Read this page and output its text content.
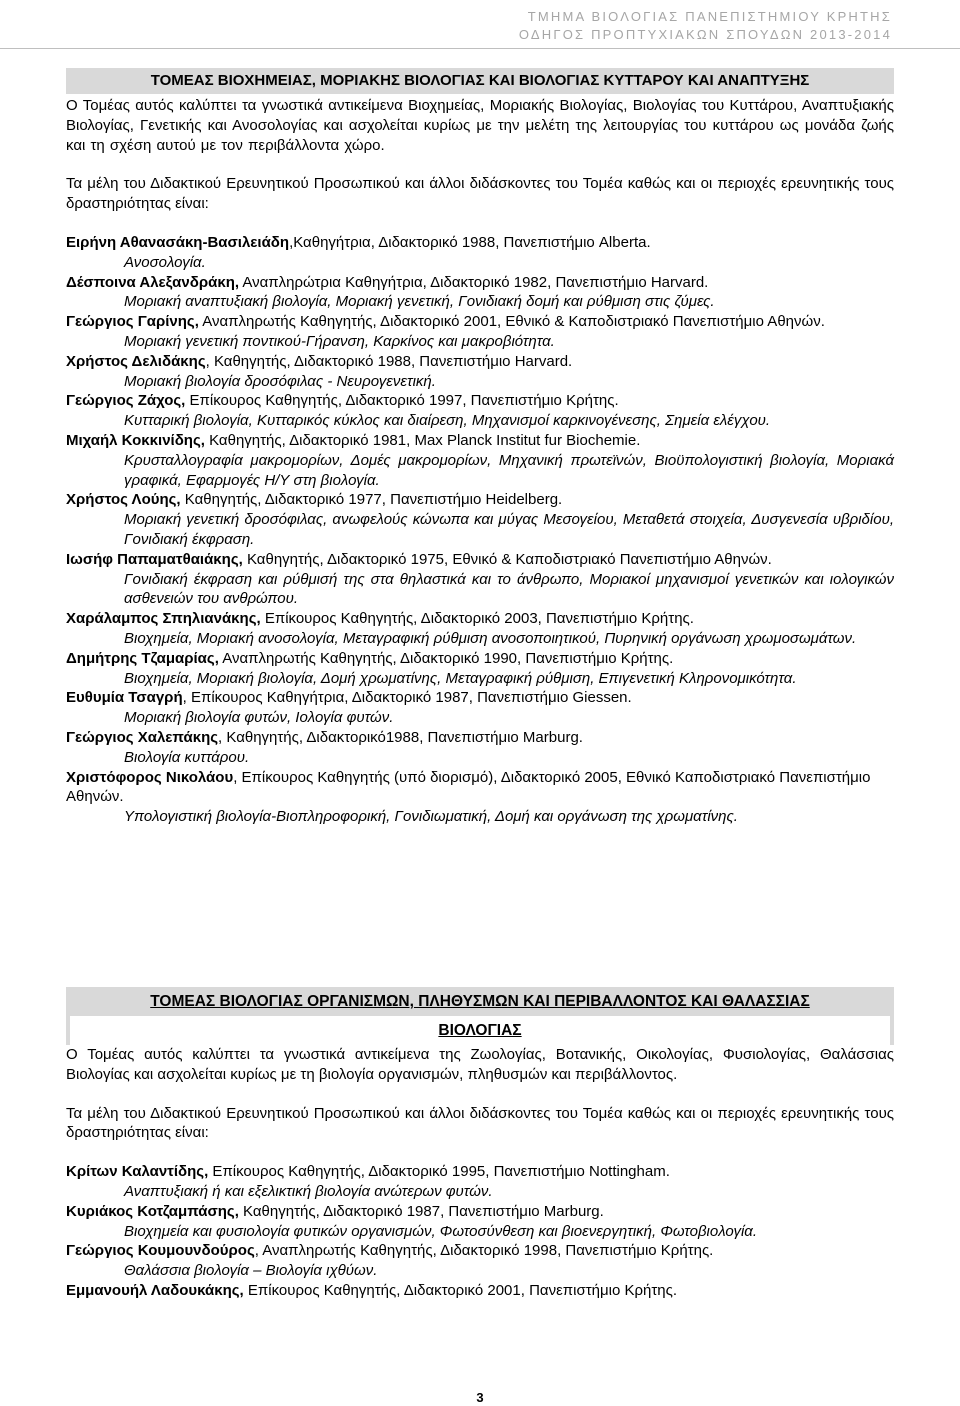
ΤΜΗΜΑ ΒΙΟΛΟΓΙΑΣ ΠΑΝΕΠΙΣΤΗΜΙΟΥ ΚΡΗΤΗΣ
ΟΔΗΓΟΣ ΠΡΟΠΤΥΧΙΑΚΩΝ ΣΠΟΥΔΩΝ 2013-2014
ΤΟΜΕΑΣ ΒΙΟΧΗΜΕΙΑΣ, ΜΟΡΙΑΚΗΣ ΒΙΟΛΟΓΙΑΣ ΚΑΙ ΒΙΟΛΟΓΙΑΣ ΚΥΤΤΑΡΟΥ ΚΑΙ ΑΝΑΠΤΥΞΗΣ

Ο Τομέας αυτός καλύπτει τα γνωστικά αντικείμενα Βιοχημείας, Μοριακής Βιολογίας, Βιολογίας του Κυττάρου, Αναπτυξιακής Βιολογίας, Γενετικής και Ανοσολογίας και ασχολείται κυρίως με την μελέτη της λειτουργίας του κυττάρου ως μονάδα ζωής και τη σχέση αυτού με τον περιβάλλοντα χώρο.

Τα μέλη του Διδακτικού Ερευνητικού Προσωπικού και άλλοι διδάσκοντες του Τομέα καθώς και οι περιοχές ερευνητικής τους δραστηριότητας είναι:

Ειρήνη Αθανασάκη-Βασιλειάδη,Καθηγήτρια, Διδακτορικό 1988, Πανεπιστήμιο Alberta.
Ανοσολογία.
Δέσποινα Αλεξανδράκη, Αναπληρώτρια Καθηγήτρια, Διδακτορικό 1982, Πανεπιστήμιο Harvard.
Μοριακή αναπτυξιακή βιολογία, Μοριακή γενετική, Γονιδιακή δομή και ρύθμιση στις ζύμες.
Γεώργιος Γαρίνης, Αναπληρωτής Καθηγητής, Διδακτορικό 2001, Εθνικό & Καποδιστριακό Πανεπιστήμιο Αθηνών.
Μοριακή γενετική ποντικού-Γήρανση, Καρκίνος και μακροβιότητα.
Χρήστος Δελιδάκης, Καθηγητής, Διδακτορικό 1988, Πανεπιστήμιο Harvard.
Μοριακή βιολογία δροσόφιλας - Νευρογενετική.
Γεώργιος Ζάχος, Επίκουρος Καθηγητής, Διδακτορικό 1997, Πανεπιστήμιο Κρήτης.
Κυτταρική βιολογία, Κυτταρικός κύκλος και διαίρεση, Μηχανισμοί καρκινογένεσης, Σημεία ελέγχου.
Μιχαήλ Κοκκινίδης, Καθηγητής, Διδακτορικό 1981, Max Planck Institut fur Biochemie.
Κρυσταλλογραφία μακρομορίων, Δομές μακρομορίων, Μηχανική πρωτεϊνών, Βιοϋπολογιστική βιολογία, Μοριακά γραφικά, Εφαρμογές Η/Υ στη βιολογία.
Χρήστος Λούης, Καθηγητής, Διδακτορικό 1977, Πανεπιστήμιο Heidelberg.
Μοριακή γενετική δροσόφιλας, ανωφελούς κώνωπα και μύγας Μεσογείου, Μεταθετά στοιχεία, Δυσγενεσία υβριδίου, Γονιδιακή έκφραση.
Ιωσήφ Παπαματθαιάκης, Καθηγητής, Διδακτορικό 1975, Εθνικό & Καποδιστριακό Πανεπιστήμιο Αθηνών.
Γονιδιακή έκφραση και ρύθμισή της στα θηλαστικά και το άνθρωπο, Μοριακοί μηχανισμοί γενετικών και ιολογικών ασθενειών του ανθρώπου.
Χαράλαμπος Σπηλιανάκης, Επίκουρος Καθηγητής, Διδακτορικό 2003, Πανεπιστήμιο Κρήτης.
Βιοχημεία, Μοριακή ανοσολογία, Μεταγραφική ρύθμιση ανοσοποιητικού, Πυρηνική οργάνωση χρωμοσωμάτων.
Δημήτρης Τζαμαρίας, Αναπληρωτής Καθηγητής, Διδακτορικό 1990, Πανεπιστήμιο Κρήτης.
Βιοχημεία, Μοριακή βιολογία, Δομή χρωματίνης, Μεταγραφική ρύθμιση, Επιγενετική Κληρονομικότητα.
Ευθυμία Τσαγρή, Επίκουρος Καθηγήτρια, Διδακτορικό 1987, Πανεπιστήμιο Giessen.
Μοριακή βιολογία φυτών, Ιολογία φυτών.
Γεώργιος Χαλεπάκης, Καθηγητής, Διδακτορικό1988, Πανεπιστήμιο Marburg.
Βιολογία κυττάρου.
Χριστόφορος Νικολάου, Επίκουρος Καθηγητής (υπό διορισμό), Διδακτορικό 2005, Εθνικό Καποδιστριακό Πανεπιστήμιο Αθηνών.
Υπολογιστική βιολογία-Βιοπληροφορική, Γονιδιωματική, Δομή και οργάνωση της χρωματίνης.
ΤΟΜΕΑΣ ΒΙΟΛΟΓΙΑΣ ΟΡΓΑΝΙΣΜΩΝ, ΠΛΗΘΥΣΜΩΝ ΚΑΙ ΠΕΡΙΒΑΛΛΟΝΤΟΣ ΚΑΙ ΘΑΛΑΣΣΙΑΣ
ΒΙΟΛΟΓΙΑΣ

Ο Τομέας αυτός καλύπτει τα γνωστικά αντικείμενα της Ζωολογίας, Βοτανικής, Οικολογίας, Φυσιολογίας, Θαλάσσιας Βιολογίας και ασχολείται κυρίως με τη βιολογία οργανισμών, πληθυσμών και περιβάλλοντος.

Τα μέλη του Διδακτικού Ερευνητικού Προσωπικού και άλλοι διδάσκοντες του Τομέα καθώς και οι περιοχές ερευνητικής τους δραστηριότητας είναι:

Κρίτων Καλαντίδης, Επίκουρος Καθηγητής, Διδακτορικό 1995, Πανεπιστήμιο Nottingham.
Αναπτυξιακή ή και εξελικτική βιολογία ανώτερων φυτών.
Κυριάκος Κοτζαμπάσης, Καθηγητής, Διδακτορικό 1987, Πανεπιστήμιο Marburg.
Βιοχημεία και φυσιολογία φυτικών οργανισμών, Φωτοσύνθεση και βιοενεργητική, Φωτοβιολογία.
Γεώργιος Κουμουνδούρος, Αναπληρωτής Καθηγητής, Διδακτορικό 1998, Πανεπιστήμιο Κρήτης.
Θαλάσσια βιολογία – Βιολογία ιχθύων.
Εμμανουήλ Λαδουκάκης, Επίκουρος Καθηγητής, Διδακτορικό 2001, Πανεπιστήμιο Κρήτης.
3
